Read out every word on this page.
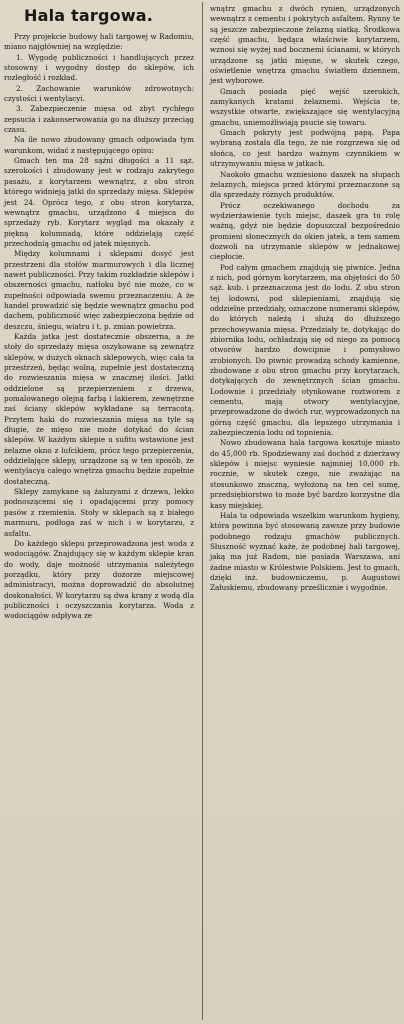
Hala targowa.

Przy projekcie budowy hali targowej w Radomiu, miano najgłówniej na względzie:

1. Wygodę publiczności i handlujących przez stosowny i wygodny dostęp do sklepów, ich rozległość i rozkład.

2. Zachowanie warunków zdrowotnych: czystości i wentylacyi.

3. Zabezpieczenie mięsa od zbyt rychłego zepsucia i zakonserwowania go na dłuższy przeciąg czasu.

Na ile nowo zbudowany gmach odpowiada tym warunkom, widać z następującego opisu:

Gmach ten ma 28 sążni długości a 11 sąż. szerokości i zbudowany jest w rodzaju zakrytego pasażu, z korytarzem wewnątrz, z obu stron którego widnieją jatki do sprzedaży mięsa. Sklepów jest 24. Oprócz tego, z obu stron korytarza, wewnątrz gmachu, urządzono 4 miejsca do sprzedaży ryb. Korytarz wygląd ma okazały z piękną kolumnadą, które oddzielają część przechodnią gmachu od jatek mięsnych.

Między kolumnami i sklepami dosyć jest przestrzeni dla stołów marmurowych i dla licznej nawet publiczności. Przy takim rozkładzie sklepów i obszerności gmachu, natłoku być nie może, co w zupełności odpowiada swemu przeznaczeniu. A że handel prowadzić się będzie wewnątrz gmachu pod dachem, publiczność więc zabezpieczona będzie od deszczu, śniegu, wiatru i t. p. zmian powietrza.

Każda jatka jest dostatecznie obszerna, a że stoły do sprzedaży mięsa oszykowane są zewnątrz sklepów, w dużych oknach sklepowych, więc cała ta przestrzeń, będąc wolną, zupełnie jest dostateczną do rozwieszania mięsa w znacznej ilości. Jatki oddzielone są przepierzeniem z drzewa, pomalowanego olejną farbą i lakierem, zewnętrzne zaś ściany sklepów wykładane są terracotą. Przytem haki do rozwieszania mięsa na tyle są długie, że mięso nie może dotykać do ścian sklepów. W każdym sklepie u sufitu wstawione jest żelazne okno z lufcikiem, prócz tego przepierzenia, oddzielające sklepy, urządzone są w ten sposób, że wentylacya całego wnętrza gmachu będzie zupełnie dostateczną.

Sklepy zamykane są żaluzyami z drzewa, lekko podnoszącemi się i opadającemi przy pomocy pasów z rzemienia. Stoły w sklepach są z białego marmuru, podłoga zaś w nich i w korytarzu, z asfaltu.

Do każdego sklepu przeprowadzona jest woda z wodociągów. Znajdujący się w każdym sklepie kran do wody, daje możność utrzymania należytego porządku, który przy dozorze miejscowej administracyi, można doprowadzić do absolutnej doskonałości. W korytarzu są dwa krany z wodą dla publiczności i oczyszczania korytarza. Woda z wodociągów odpływa ze

wnątrz gmachu z dwóch rynien, urządzonych wewnątrz z cementu i pokrytych asfaltem. Rynny te są jeszcze zabezpieczone żelazną siatką. Środkowa część gmachu, będąca właściwie korytarzem, wznosi się wyżej nad bocznemi ścianami, w których urządzone są jatki mięsne, w skutek czego, oświetlenie wnętrza gmachu światłem dziennem, jest wyborowe.

Gmach posiada pięć wejść szerokich, zamykanych kratami żelaznemi. Wejścia te, wszystkie otwarte, zwiększające się wentylacyjną gmachu, uniemożliwiają psucie się towaru.

Gmach pokryty jest podwójną papą. Papa wybraną została dla tego, że nie rozgrzewa się od słońca, co jest bardzo ważnym czynnikiem w utrzymywaniu mięsa w jatkach.

Naokoło gmachu wzniesiono daszek na słupach żelaznych, miejsca przed którymi przeznaczone są dla sprzedaży różnych produktów.

Prócz oczekiwanego dochodu za wydzierżawienie tych miejsc, daszek gra tu rolę ważną, gdyż nie będzie dopuszczał bezpośrednio promieni słonecznych do okien jatek, a tem samem dozwoli na utrzymanie sklepów w jednakowej ciepłocie.

Pod całym gmachem znajdują się piwnice. Jedna z nich, pod górnym korytarzem, ma objętości do 50 sąż. kub. i przeznaczona jest do lodu. Z obu stron tej lodowni, pod sklepieniami, znajdują się oddzielne przedziały, oznaczone numerami sklepów, do których należą i służą do dłuższego przechowywania mięsa. Przedziały te, dotykając do zbiornika lodu, ochładzają się od niego za pomocą otworów bardzo dowcipnie i pomysłowo zrobionych. Do piwnic prowadzą schody kamienne, zbudowane z obu stron gmachu przy korytarzach, dotykających do zewnętrznych ścian gmachu. Lodownie i przedziały otynkowane roztworem z cementu, mają otwory wentylacyjne, przeprowadzone do dwóch rur, wyprowadzonych na górną część gmachu, dla lepszego utrzymania i zabezpieczenia lodu od topnienia.

Nowo zbudowana hala targowa kosztuje miasto do 45,000 rb. Spodziewany zaś dochód z dzierżawy sklepów i miejsc wyniesie najmniej 10,000 rb. rocznie, w skutek czego, nie zważając na stosunkowo znaczną, wyłożoną na ten cel sumę, przedsiębiorstwo to może być bardzo korzystne dla kasy miejskiej.

Hala ta odpowiada wszelkim warunkom hygieny, która powinna być stosowaną zawsze przy budowie podobnego rodzaju gmachów publicznych. Słuszność wyznać każe, że podobnej hali targowej, jaką ma już Radom, nie posiada Warszawa, ani żadne miasto w Królestwie Polskiem. Jest to gmach, dzięki inż. budowniczemu, p. Augustowi Załuskiemu, zbudowany prześlicznie i wygodnie.
